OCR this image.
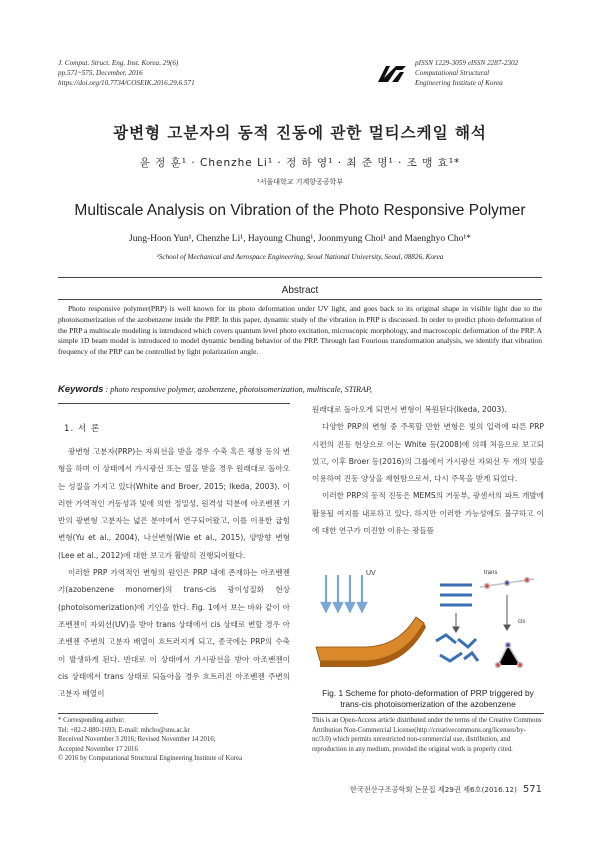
J. Comput. Struct. Eng. Inst. Korea, 29(6)
pp.571~575, December, 2016
https://doi.org/10.7734/COSEIK.2016.29.6.571
pISSN 1229-3059 eISSN 2287-2302
Computational Structural
Engineering Institute of Korea
광변형 고분자의 동적 진동에 관한 멀티스케일 해석
윤 정 훈¹ · Chenzhe Li¹ · 정 하 영¹ · 최 준 명¹ · 조 맹 효¹*
¹서울대학교 기계항공공학부
Multiscale Analysis on Vibration of the Photo Responsive Polymer
Jung-Hoon Yun¹, Chenzhe Li¹, Hayoung Chung¹, Joonmyung Choi¹ and Maenghyo Cho¹*
¹School of Mechanical and Aerospace Engineering, Seoul National University, Seoul, 08826, Korea
Abstract
Photo responsive polymer(PRP) is well known for its photo deformation under UV light, and goes back to its original shape in visible light due to the photoisomerization of the azobenzene inside the PRP. In this paper, dynamic study of the vibration in PRP is discussed. In order to predict photo deformation of the PRP a multiscale modeling is introduced which covers quantum level photo excitation, microscopic morphology, and macroscopic deformation of the PRP. A simple 1D beam model is introduced to model dynamic bending behavior of the PRP. Through fast Fourious transformation analysis, we identify that vibration frequency of the PRP can be controlled by light polarization angle.
Keywords : photo responsive polymer, azobenzene, photoisomerization, multiscale, STIRAP,
1. 서 론

광변형 고분자(PRP)는 자외선을 받을 경우 수축 혹은 팽창 등의 변형을 하며 이 상태에서 가시광선 또는 열을 받을 경우 원래대로 돌아오는 성질을 가지고 있다(White and Broer, 2015; Ikeda, 2003). 이러한 가역적인 거동성과 빛에 의한 정밀성, 원격성 덕분에 아조벤젠 기반의 광변형 고분자는 넓은 분야에서 연구되어왔고, 이를 이용한 굽힘변형(Yu et al., 2004), 나선변형(Wie et al., 2015), 양방향 변형(Lee et al., 2012)에 대한 보고가 활발히 진행되어왔다.

이러한 PRP 가역적인 변형의 원인은 PRP 내에 존재하는 아조벤젠기(azobenzene monomer)의 trans-cis 광이성질화 현상(photoisomerization)에 기인을 한다. Fig. 1에서 보는 바와 같이 아조벤젠이 자외선(UV)을 받아 trans 상태에서 cis 상태로 변할 경우 아조벤젠 주변의 고분자 배열이 흐트러지게 되고, 종국에는 PRP의 수축이 발생하게 된다. 반대로 이 상태에서 가시광선을 받아 아조벤젠이 cis 상태에서 trans 상태로 되돌아올 경우 흐트러진 아조벤젠 주변의 고분자 배열이

원래대로 돌아오게 되면서 변형이 복원된다(Ikeda, 2003).

다양한 PRP의 변형 중 주목할 만한 변형은 빛의 입력에 따른 PRP 시편의 진동 현상으로 이는 White 등(2008)에 의해 처음으로 보고되었고, 이후 Broer 등(2016)의 그룹에서 가시광선 자외선 두 개의 빛을 이용하여 진동 양상을 재현함으로서, 다시 주목을 받게 되었다.

이러한 PRP의 동적 진동은 MEMS의 거동부, 광센서의 파트 개발에 활용될 여지를 내포하고 있다. 하지만 이러한 가능성에도 불구하고 이에 대한 연구가 미진한 이유는 광들뜸

UV	trans
cis
Fig. 1 Scheme for photo-deformation of PRP triggered by trans-cis photoisomerization of the azobenzene
* Corresponding author:
Tel: +82-2-880-1693; E-mail: mhcho@snu.ac.kr
Received November 3 2016; Revised November 14 2016;
Accepted November 17 2016
© 2016 by Computational Structural Engineering Institute of Korea
This is an Open-Access article distributed under the terms of the Creative Commons Attribution Non-Commercial License(http://creativecommons.org/licenses/by-nc/3.0) which permits unrestricted non-commercial use, distribution, and reproduction in any medium, provided the original work is properly cited.
한국전산구조공학회 논문집 제29권 제6호(2016.12) 571
